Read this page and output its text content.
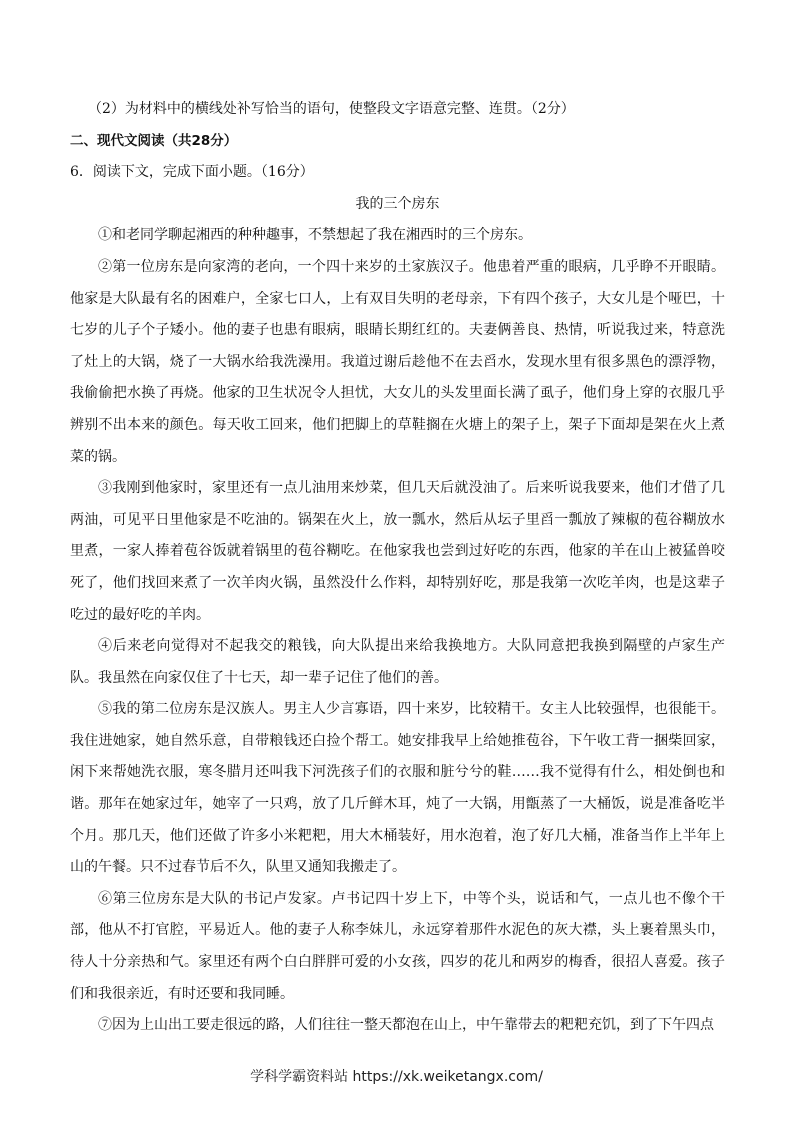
（2）为材料中的横线处补写恰当的语句，使整段文字语意完整、连贯。（2分）

二、现代文阅读（共28分）

6．阅读下文，完成下面小题。（16分）

我的三个房东

①和老同学聊起湘西的种种趣事，不禁想起了我在湘西时的三个房东。

②第一位房东是向家湾的老向，一个四十来岁的土家族汉子。他患着严重的眼病，几乎睁不开眼睛。他家是大队最有名的困难户，全家七口人，上有双目失明的老母亲，下有四个孩子，大女儿是个哑巴，十七岁的儿子个子矮小。他的妻子也患有眼病，眼睛长期红红的。夫妻俩善良、热情，听说我过来，特意洗了灶上的大锅，烧了一大锅水给我洗澡用。我道过谢后趁他不在去舀水，发现水里有很多黑色的漂浮物，我偷偷把水换了再烧。他家的卫生状况令人担忧，大女儿的头发里面长满了虱子，他们身上穿的衣服几乎辨别不出本来的颜色。每天收工回来，他们把脚上的草鞋搁在火塘上的架子上，架子下面却是架在火上煮菜的锅。

③我刚到他家时，家里还有一点儿油用来炒菜，但几天后就没油了。后来听说我要来，他们才借了几两油，可见平日里他家是不吃油的。锅架在火上，放一瓢水，然后从坛子里舀一瓢放了辣椒的苞谷糊放水里煮，一家人捧着苞谷饭就着锅里的苞谷糊吃。在他家我也尝到过好吃的东西，他家的羊在山上被猛兽咬死了，他们找回来煮了一次羊肉火锅，虽然没什么作料，却特别好吃，那是我第一次吃羊肉，也是这辈子吃过的最好吃的羊肉。

④后来老向觉得对不起我交的粮钱，向大队提出来给我换地方。大队同意把我换到隔壁的卢家生产队。我虽然在向家仅住了十七天，却一辈子记住了他们的善。

⑤我的第二位房东是汉族人。男主人少言寡语，四十来岁，比较精干。女主人比较强悍，也很能干。我住进她家，她自然乐意，自带粮钱还白捡个帮工。她安排我早上给她推苞谷，下午收工背一捆柴回家，闲下来帮她洗衣服，寒冬腊月还叫我下河洗孩子们的衣服和脏兮兮的鞋……我不觉得有什么，相处倒也和谐。那年在她家过年，她宰了一只鸡，放了几斤鲜木耳，炖了一大锅，用甑蒸了一大桶饭，说是准备吃半个月。那几天，他们还做了许多小米粑粑，用大木桶装好，用水泡着，泡了好几大桶，准备当作上半年上山的午餐。只不过春节后不久，队里又通知我搬走了。

⑥第三位房东是大队的书记卢发家。卢书记四十岁上下，中等个头，说话和气，一点儿也不像个干部，他从不打官腔，平易近人。他的妻子人称李妹儿，永远穿着那件水泥色的灰大襟，头上裹着黑头巾，待人十分亲热和气。家里还有两个白白胖胖可爱的小女孩，四岁的花儿和两岁的梅香，很招人喜爱。孩子们和我很亲近，有时还要和我同睡。

⑦因为上山出工要走很远的路，人们往往一整天都泡在山上，中午靠带去的粑粑充饥，到了下午四点

学科学霸资料站 https://xk.weiketangx.com/
